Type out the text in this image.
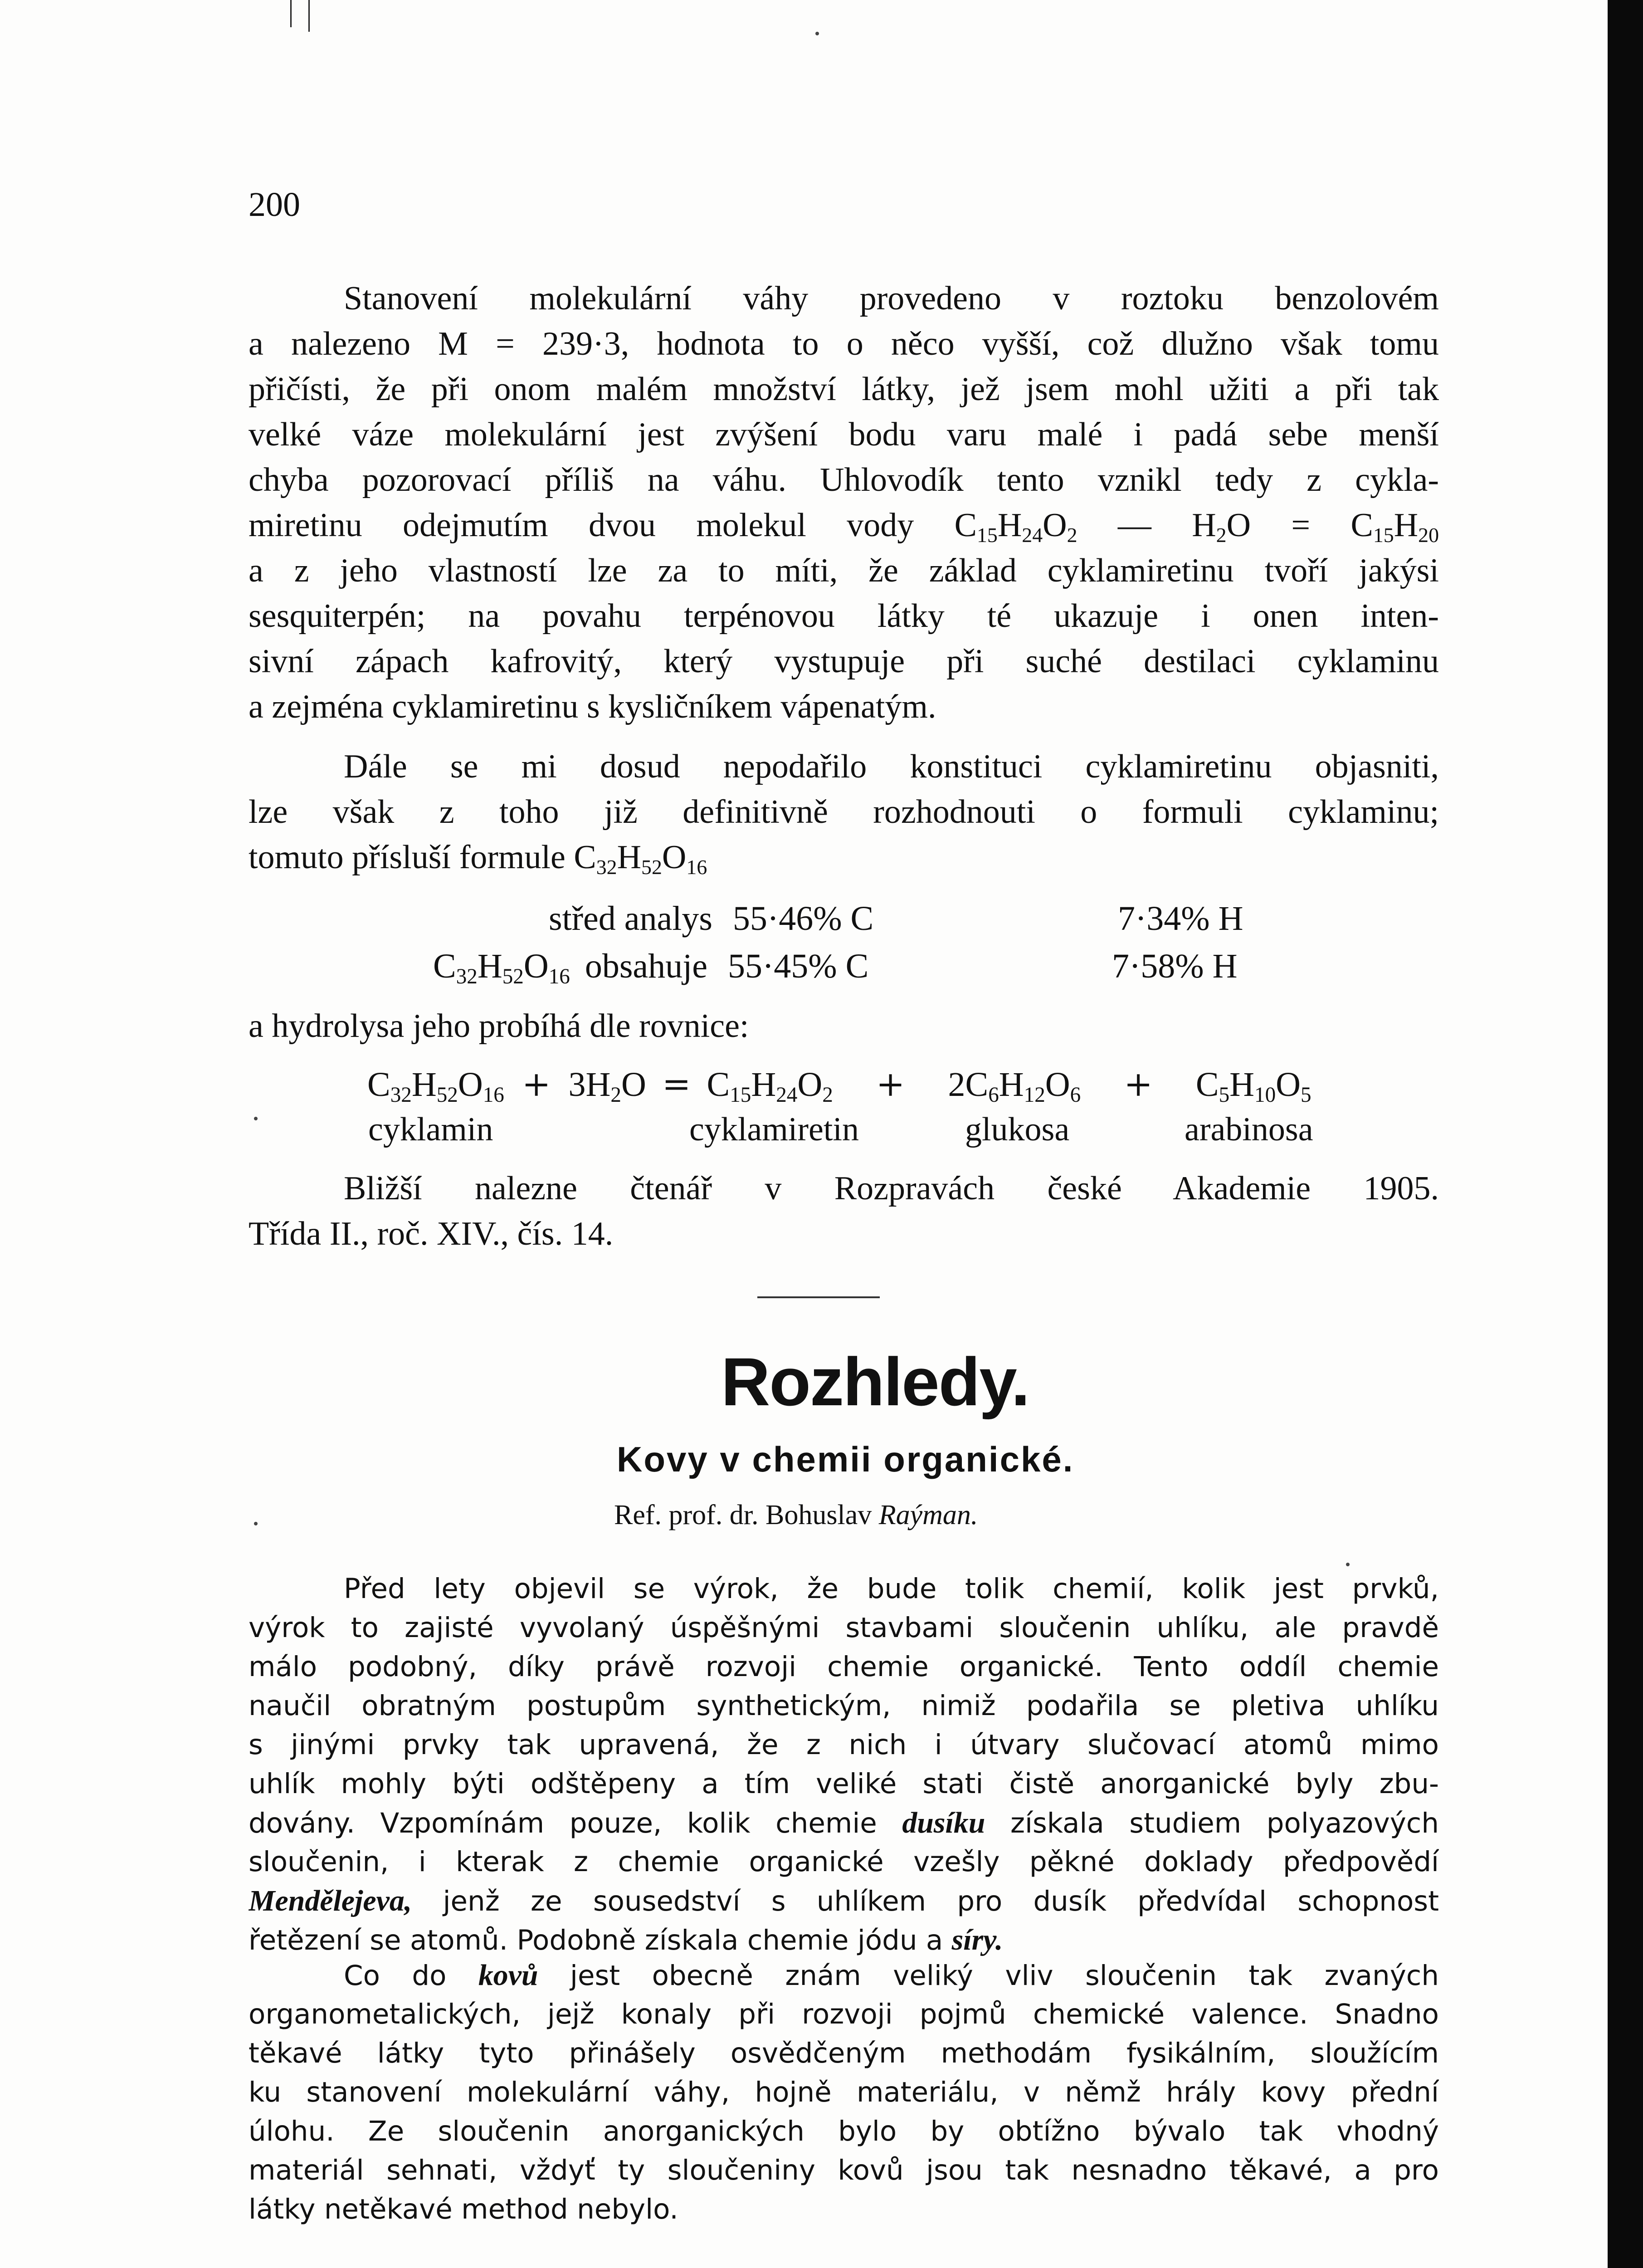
200
Stanovení molekulární váhy provedeno v roztoku benzolovém
a nalezeno M = 239·3, hodnota to o něco vyšší, což dlužno však tomu
přičísti, že při onom malém množství látky, jež jsem mohl užiti a při tak
velké váze molekulární jest zvýšení bodu varu malé i padá sebe menší
chyba pozorovací příliš na váhu. Uhlovodík tento vznikl tedy z cykla-
miretinu odejmutím dvou molekul vody $C_{15}H_{24}O_2$ — $H_2O = C_{15}H_{20}$
a z jeho vlastností lze za to míti, že základ cyklamiretinu tvoří jakýsi
sesquiterpén; na povahu terpénovou látky té ukazuje i onen inten-
sivní zápach kafrovitý, který vystupuje při suché destilaci cyklaminu
a zejména cyklamiretinu s kysličníkem vápenatým.
Dále se mi dosud nepodařilo konstituci cyklamiretinu objasniti,
lze však z toho již definitivně rozhodnouti o formuli cyklaminu;
tomuto přísluší formule $C_{32}H_{52}O_{16}$
střed analys 55·46% C	7·34% H
$C_{32}H_{52}O_{16}$ obsahuje 55·45% C	7·58% H
a hydrolysa jeho probíhá dle rovnice:
$C_{32}H_{52}O_{16} + 3H_2O = C_{15}H_{24}O_2 + 2C_6H_{12}O_6 + C_5H_{10}O_5$
cyklamin	cyklamiretin	glukosa	arabinosa
Bližší nalezne čtenář v Rozpravách české Akademie 1905.
Třída II., roč. XIV., čís. 14.
Rozhledy.
Kovy v chemii organické.
Ref. prof. dr. Bohuslav Raýman.
Před lety objevil se výrok, že bude tolik chemií, kolik jest prvků,
výrok to zajisté vyvolaný úspěšnými stavbami sloučenin uhlíku, ale pravdě
málo podobný, díky právě rozvoji chemie organické. Tento oddíl chemie
naučil obratným postupům synthetickým, nimiž podařila se pletiva uhlíku
s jinými prvky tak upravená, že z nich i útvary slučovací atomů mimo
uhlík mohly býti odštěpeny a tím veliké stati čistě anorganické byly zbu-
dovány. Vzpomínám pouze, kolik chemie dusíku získala studiem polyazových
sloučenin, i kterak z chemie organické vzešly pěkné doklady předpovědí
Mendělejeva, jenž ze sousedství s uhlíkem pro dusík předvídal schopnost
řetězení se atomů. Podobně získala chemie jódu a síry.
Co do kovů jest obecně znám veliký vliv sloučenin tak zvaných
organometalických, jejž konaly při rozvoji pojmů chemické valence. Snadno
těkavé látky tyto přinášely osvědčeným methodám fysikálním, sloužícím
ku stanovení molekulární váhy, hojně materiálu, v němž hrály kovy přední
úlohu. Ze sloučenin anorganických bylo by obtížno bývalo tak vhodný
materiál sehnati, vždyť ty sloučeniny kovů jsou tak nesnadno těkavé, a pro
látky netěkavé method nebylo.
